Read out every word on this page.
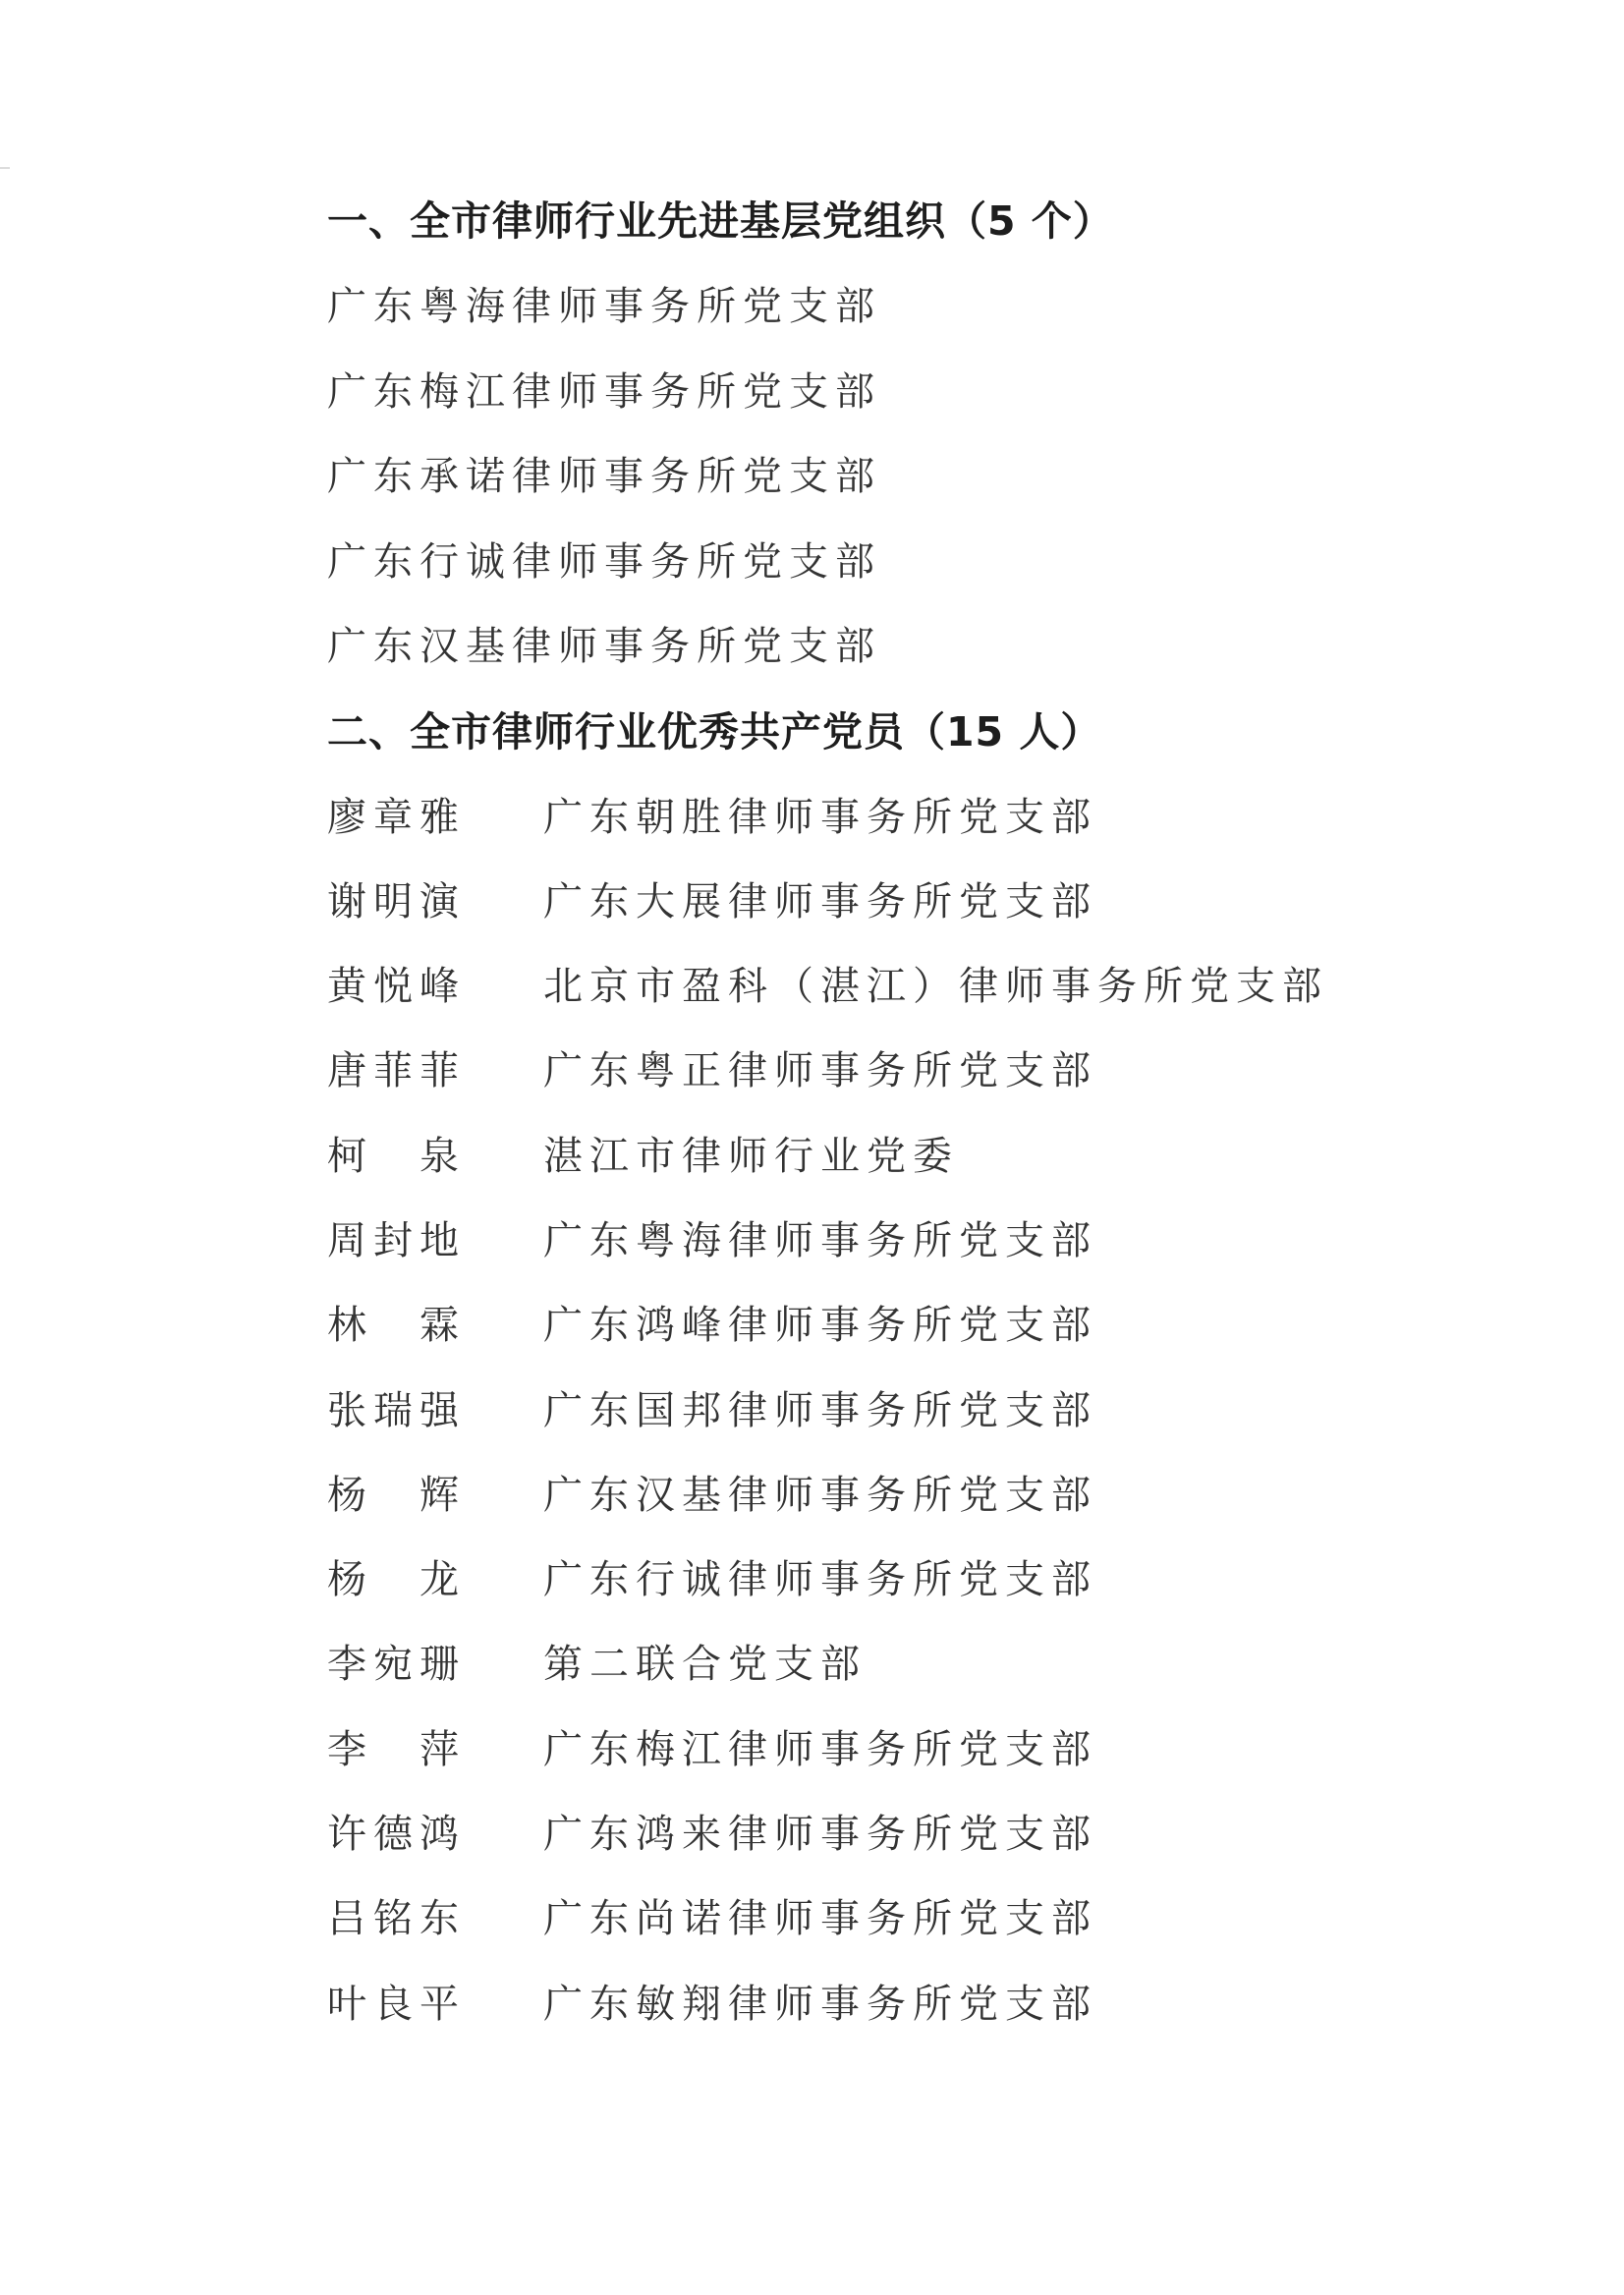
一、全市律师行业先进基层党组织（5 个）
广东粤海律师事务所党支部
广东梅江律师事务所党支部
广东承诺律师事务所党支部
广东行诚律师事务所党支部
广东汉基律师事务所党支部
二、全市律师行业优秀共产党员（15 人）
廖章雅	广东朝胜律师事务所党支部
谢明演	广东大展律师事务所党支部
黄悦峰	北京市盈科（湛江）律师事务所党支部
唐菲菲	广东粤正律师事务所党支部
柯　泉	湛江市律师行业党委
周封地	广东粤海律师事务所党支部
林　霖	广东鸿峰律师事务所党支部
张瑞强	广东国邦律师事务所党支部
杨　辉	广东汉基律师事务所党支部
杨　龙	广东行诚律师事务所党支部
李宛珊	第二联合党支部
李　萍	广东梅江律师事务所党支部
许德鸿	广东鸿来律师事务所党支部
吕铭东	广东尚诺律师事务所党支部
叶良平	广东敏翔律师事务所党支部
